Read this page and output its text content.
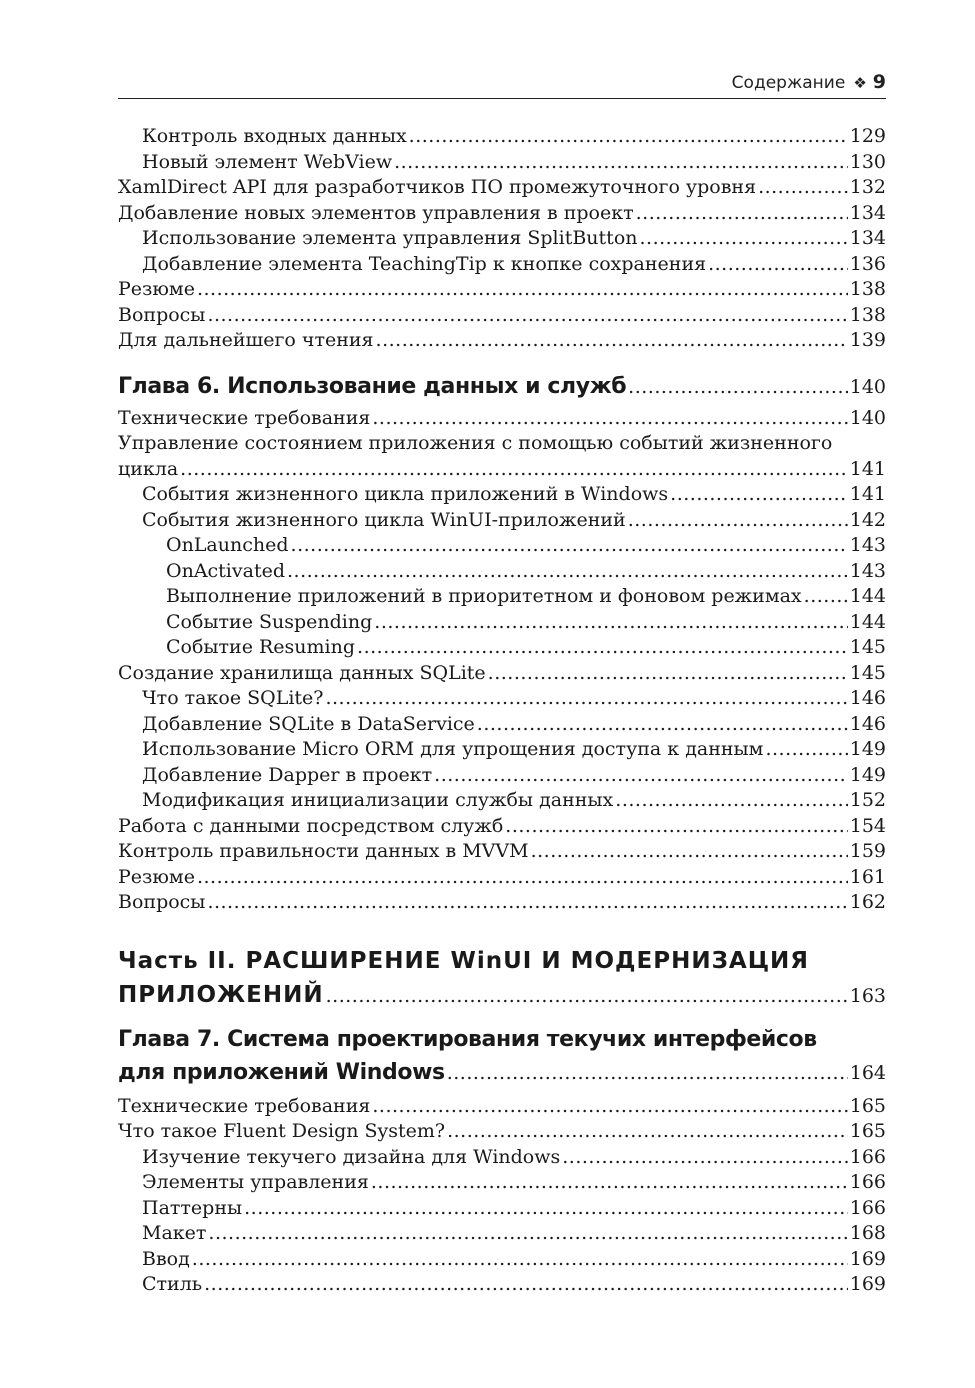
Содержание ❖ 9
Контроль входных данных .....	129
Новый элемент WebView .....	130
XamlDirect API для разработчиков ПО промежуточного уровня .....	132
Добавление новых элементов управления в проект .....	134
Использование элемента управления SplitButton .....	134
Добавление элемента TeachingTip к кнопке сохранения .....	136
Резюме .....	138
Вопросы .....	138
Для дальнейшего чтения .....	139
Глава 6. Использование данных и служб .....	140
Технические требования .....	140
Управление состоянием приложения с помощью событий жизненного
цикла .....	141
События жизненного цикла приложений в Windows .....	141
События жизненного цикла WinUI-приложений .....	142
OnLaunched .....	143
OnActivated .....	143
Выполнение приложений в приоритетном и фоновом режимах .....	144
Событие Suspending .....	144
Событие Resuming .....	145
Создание хранилища данных SQLite .....	145
Что такое SQLite? .....	146
Добавление SQLite в DataService .....	146
Использование Micro ORM для упрощения доступа к данным .....	149
Добавление Dapper в проект .....	149
Модификация инициализации службы данных .....	152
Работа с данными посредством служб .....	154
Контроль правильности данных в MVVM .....	159
Резюме .....	161
Вопросы .....	162
Часть II. РАСШИРЕНИЕ WinUI И МОДЕРНИЗАЦИЯ
ПРИЛОЖЕНИЙ .....	163
Глава 7. Система проектирования текучих интерфейсов
для приложений Windows .....	164
Технические требования .....	165
Что такое Fluent Design System? .....	165
Изучение текучего дизайна для Windows .....	166
Элементы управления .....	166
Паттерны .....	166
Макет .....	168
Ввод .....	169
Стиль .....	169
